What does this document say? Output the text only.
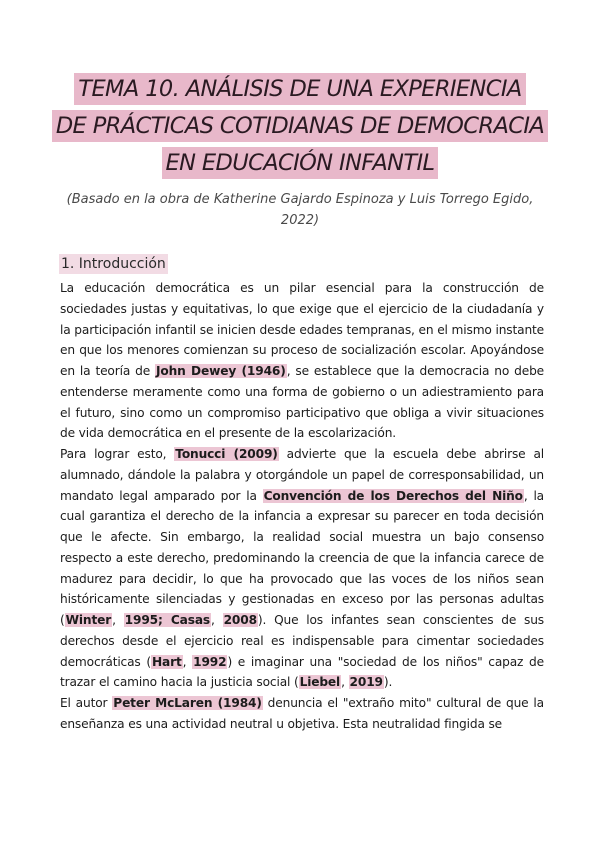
TEMA 10. ANÁLISIS DE UNA EXPERIENCIA
DE PRÁCTICAS COTIDIANAS DE DEMOCRACIA
EN EDUCACIÓN INFANTIL
(Basado en la obra de Katherine Gajardo Espinoza y Luis Torrego Egido, 2022)
1. Introducción

La educación democrática es un pilar esencial para la construcción de sociedades justas y equitativas, lo que exige que el ejercicio de la ciudadanía y la participación infantil se inicien desde edades tempranas, en el mismo instante en que los menores comienzan su proceso de socialización escolar. Apoyándose en la teoría de John Dewey (1946), se establece que la democracia no debe entenderse meramente como una forma de gobierno o un adiestramiento para el futuro, sino como un compromiso participativo que obliga a vivir situaciones de vida democrática en el presente de la escolarización.

Para lograr esto, Tonucci (2009) advierte que la escuela debe abrirse al alumnado, dándole la palabra y otorgándole un papel de corresponsabilidad, un mandato legal amparado por la Convención de los Derechos del Niño, la cual garantiza el derecho de la infancia a expresar su parecer en toda decisión que le afecte. Sin embargo, la realidad social muestra un bajo consenso respecto a este derecho, predominando la creencia de que la infancia carece de madurez para decidir, lo que ha provocado que las voces de los niños sean históricamente silenciadas y gestionadas en exceso por las personas adultas (Winter, 1995; Casas, 2008). Que los infantes sean conscientes de sus derechos desde el ejercicio real es indispensable para cimentar sociedades democráticas (Hart, 1992) e imaginar una "sociedad de los niños" capaz de trazar el camino hacia la justicia social (Liebel, 2019).

El autor Peter McLaren (1984) denuncia el "extraño mito" cultural de que la enseñanza es una actividad neutral u objetiva. Esta neutralidad fingida se
